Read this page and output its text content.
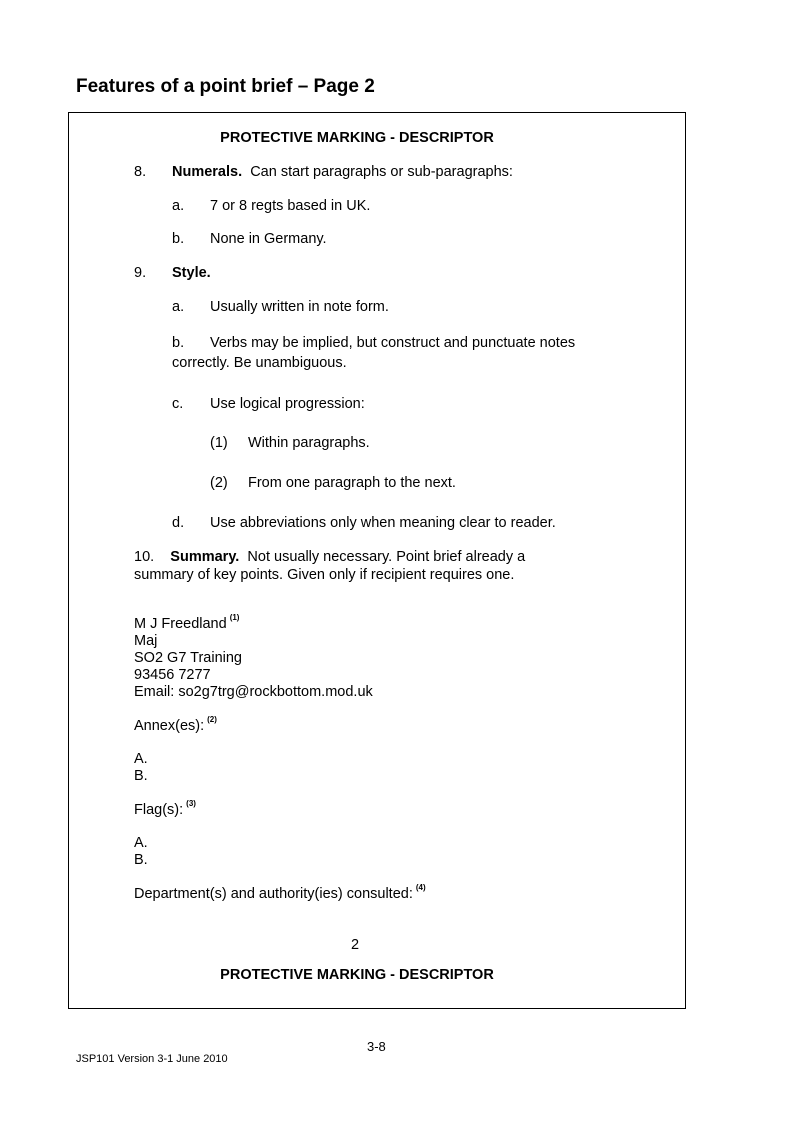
Features of a point brief – Page 2
PROTECTIVE MARKING - DESCRIPTOR
8. Numerals. Can start paragraphs or sub-paragraphs:
a. 7 or 8 regts based in UK.
b. None in Germany.
9. Style.
a. Usually written in note form.
b. Verbs may be implied, but construct and punctuate notes
correctly. Be unambiguous.
c. Use logical progression:
(1) Within paragraphs.
(2) From one paragraph to the next.
d. Use abbreviations only when meaning clear to reader.
10. Summary. Not usually necessary. Point brief already a
summary of key points. Given only if recipient requires one.
M J Freedland $^{(1)}$
Maj
SO2 G7 Training
93456 7277
Email: so2g7trg@rockbottom.mod.uk
Annex(es): $^{(2)}$
A.
B.
Flag(s): $^{(3)}$
A.
B.
Department(s) and authority(ies) consulted: $^{(4)}$
2
PROTECTIVE MARKING - DESCRIPTOR
3-8
JSP101 Version 3-1 June 2010
